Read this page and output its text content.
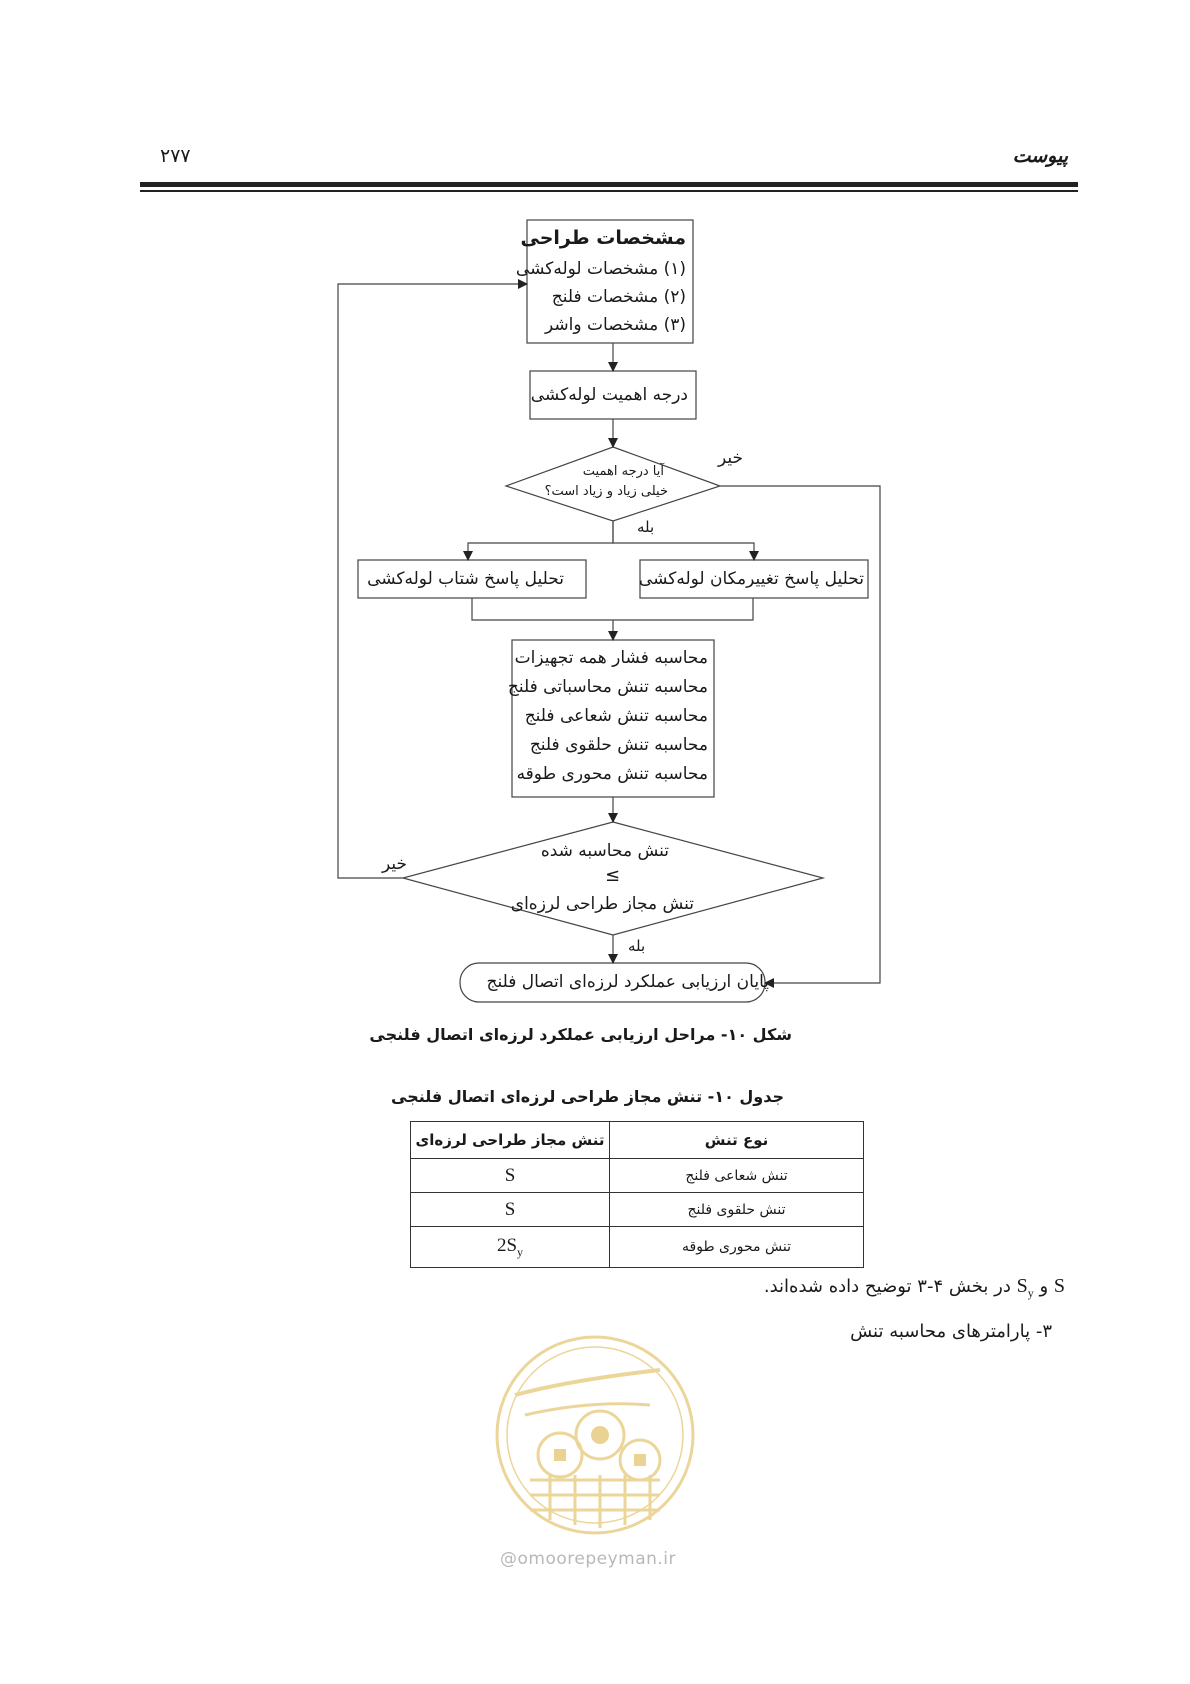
پیوست
۲۷۷
مشخصات طراحی
(۱) مشخصات لوله‌کشی
(۲) مشخصات فلنج
(۳) مشخصات واشر
درجه اهمیت لوله‌کشی
آیا درجه اهمیت
خیلی زیاد و زیاد است؟
خیر
بله
تحلیل پاسخ شتاب لوله‌کشی	تحلیل پاسخ تغییرمکان لوله‌کشی
محاسبه فشار همه تجهیزات
محاسبه تنش محاسباتی فلنج
محاسبه تنش شعاعی فلنج
محاسبه تنش حلقوی فلنج
محاسبه تنش محوری طوقه
تنش محاسبه شده
≤
تنش مجاز طراحی لرزه‌ای
خیر
بله
پایان ارزیابی عملکرد لرزه‌ای اتصال فلنج
شکل ۱۰- مراحل ارزیابی عملکرد لرزه‌ای اتصال فلنجی
جدول ۱۰- تنش مجاز طراحی لرزه‌ای اتصال فلنجی
نوع تنش	تنش مجاز طراحی لرزه‌ای
تنش شعاعی فلنج	S
تنش حلقوی فلنج	S
تنش محوری طوقه	$2S_y$
S و $S_y$ در بخش ۴-۳ توضیح داده شده‌اند.
۳- پارامترهای محاسبه تنش
@omoorepeyman.ir
